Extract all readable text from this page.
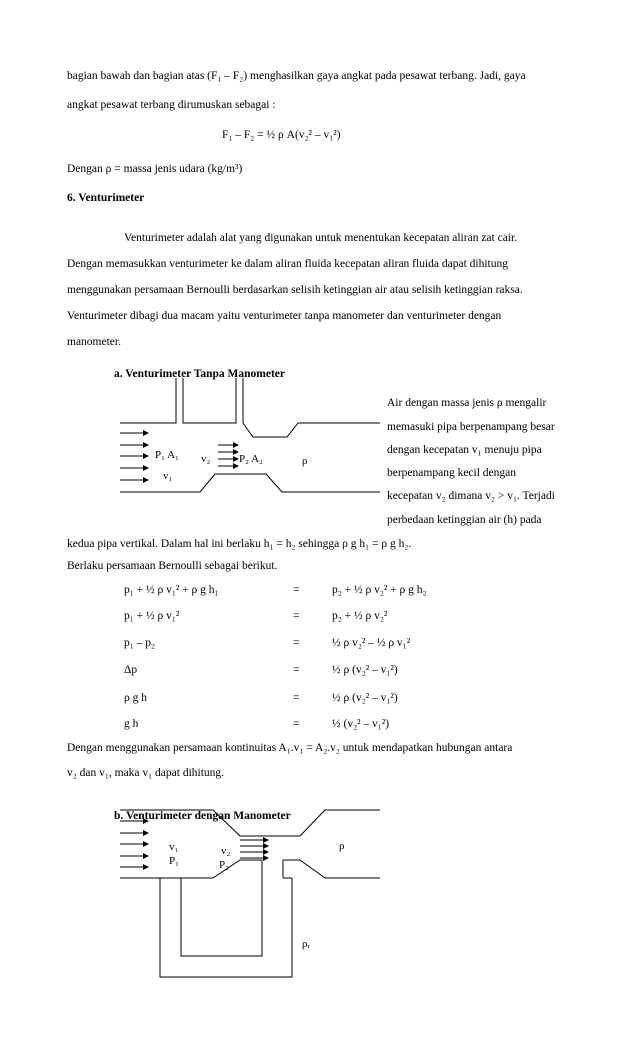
bagian bawah dan bagian atas (F₁ – F₂) menghasilkan gaya angkat pada pesawat terbang. Jadi, gaya
angkat pesawat terbang dirumuskan sebagai :
F₁ – F₂ = ½ ρ A(v₂² – v₁²)
Dengan ρ = massa jenis udara (kg/m³)
6. Venturimeter
Venturimeter adalah alat yang digunakan untuk menentukan kecepatan aliran zat cair.
Dengan memasukkan venturimeter ke dalam aliran fluida kecepatan aliran fluida dapat dihitung
menggunakan persamaan Bernoulli berdasarkan selisih ketinggian air atau selisih ketinggian raksa.
Venturimeter dibagi dua macam yaitu venturimeter tanpa manometer dan venturimeter dengan
manometer.
a. Venturimeter Tanpa Manometer
Air dengan massa jenis ρ mengalir
memasuki pipa berpenampang besar
dengan kecepatan v₁ menuju pipa
berpenampang kecil dengan
kecepatan v₂ dimana v₂ > v₁. Terjadi
perbedaan ketinggian air (h) pada
kedua pipa vertikal. Dalam hal ini berlaku h₁ = h₂ sehingga ρ g h₁ = ρ g h₂.
Berlaku persamaan Bernoulli sebagai berikut.
p₁ + ½ ρ v₁² + ρ g h₁	=	p₂ + ½ ρ v₂² + ρ g h₂
p₁ + ½ ρ v₁²	=	p₂ + ½ ρ v₂²
p₁ – p₂	=	½ ρ v₂² – ½ ρ v₁²
Δp	=	½ ρ (v₂² – v₁²)
ρ g h	=	½ ρ (v₂² – v₁²)
g h	=	½ (v₂² – v₁²)
Dengan menggunakan persamaan kontinuitas A₁.v₁ = A₂.v₂ untuk mendapatkan hubungan antara
v₂ dan v₁, maka v₁ dapat dihitung.
b. Venturimeter dengan Manometer
P₁ A₁
v₁
v₂	P₂ A₂	ρ
v₁
P₁
v₂
P₂
ρ
ρᵣ
